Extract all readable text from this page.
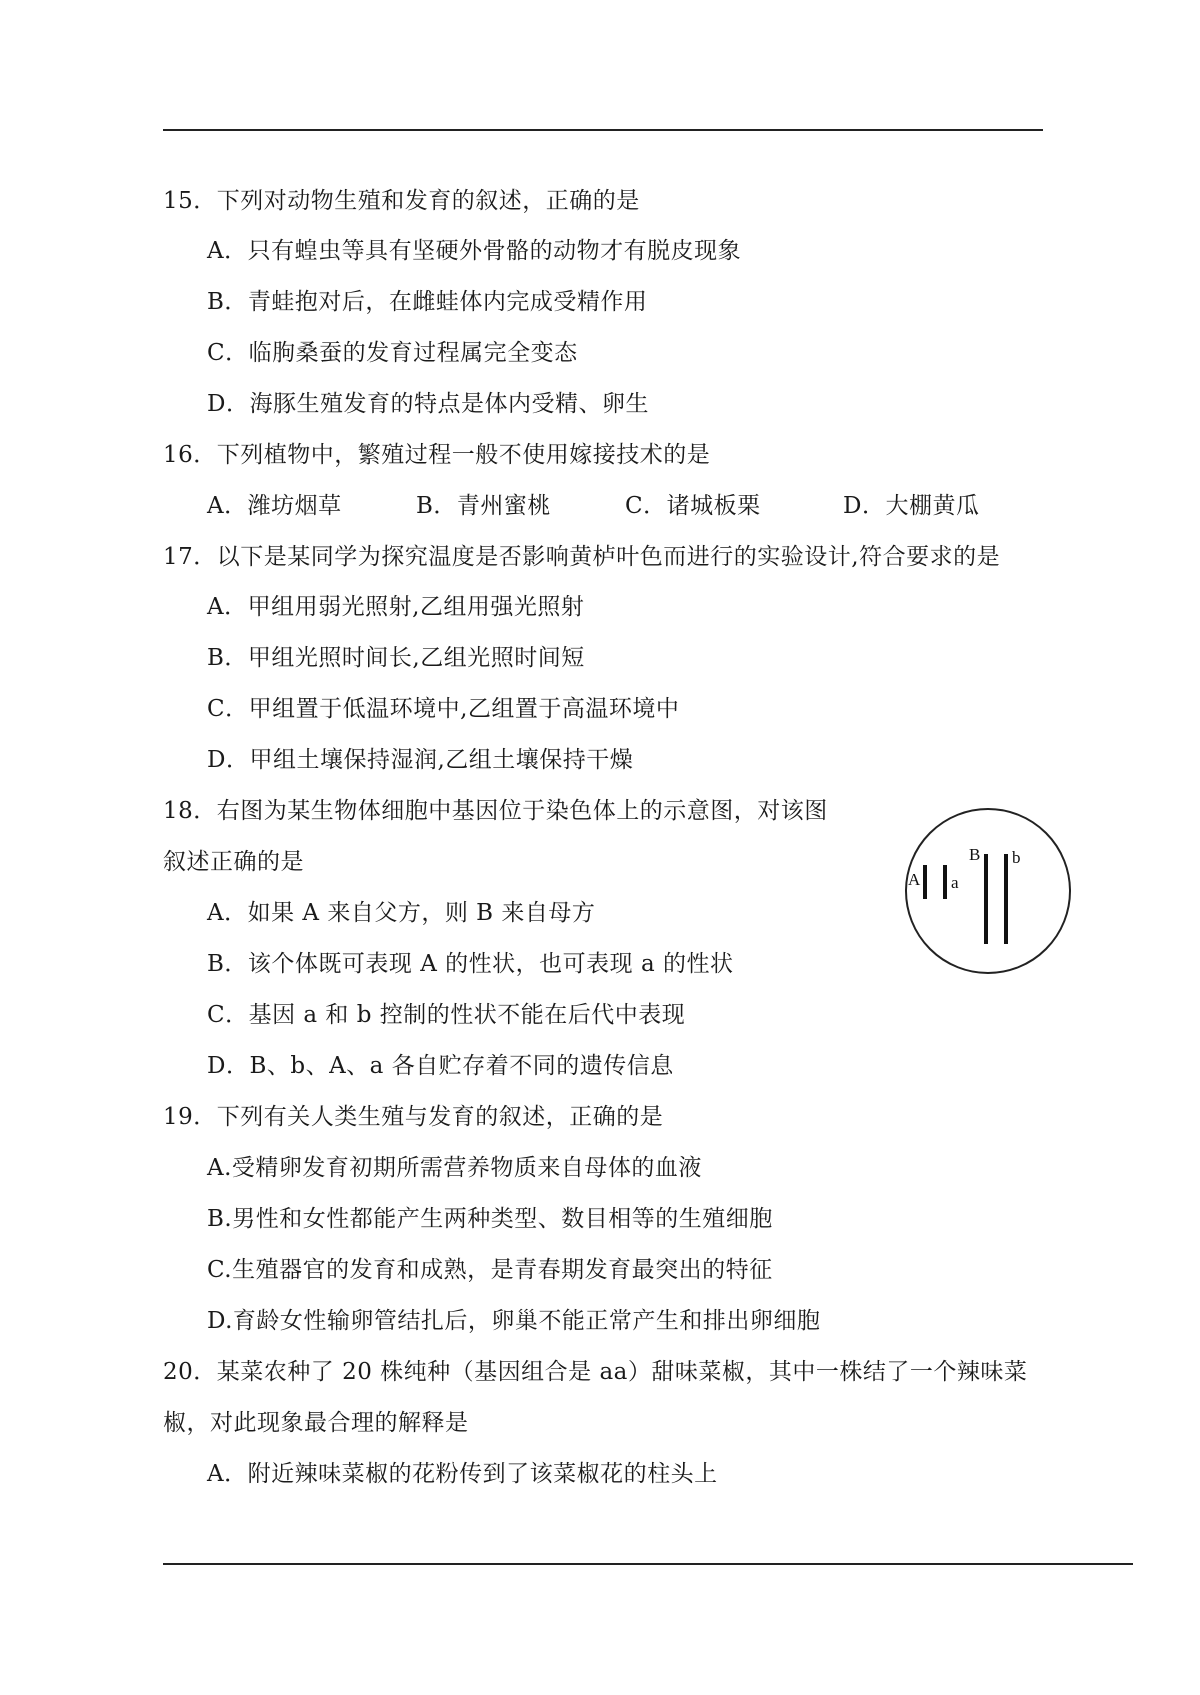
15．下列对动物生殖和发育的叙述，正确的是
A．只有蝗虫等具有坚硬外骨骼的动物才有脱皮现象
B．青蛙抱对后，在雌蛙体内完成受精作用
C．临朐桑蚕的发育过程属完全变态
D．海豚生殖发育的特点是体内受精、卵生
16．下列植物中，繁殖过程一般不使用嫁接技术的是
A．潍坊烟草	B．青州蜜桃	C．诸城板栗	D．大棚黄瓜
17．以下是某同学为探究温度是否影响黄栌叶色而进行的实验设计,符合要求的是
A．甲组用弱光照射,乙组用强光照射
B．甲组光照时间长,乙组光照时间短
C．甲组置于低温环境中,乙组置于高温环境中
D．甲组土壤保持湿润,乙组土壤保持干燥
18．右图为某生物体细胞中基因位于染色体上的示意图，对该图
叙述正确的是
A．如果 A 来自父方，则 B 来自母方
B．该个体既可表现 A 的性状，也可表现 a 的性状
C．基因 a 和 b 控制的性状不能在后代中表现
D．B、b、A、a 各自贮存着不同的遗传信息
A a
B b
19．下列有关人类生殖与发育的叙述，正确的是
A.受精卵发育初期所需营养物质来自母体的血液
B.男性和女性都能产生两种类型、数目相等的生殖细胞
C.生殖器官的发育和成熟，是青春期发育最突出的特征
D.育龄女性输卵管结扎后，卵巢不能正常产生和排出卵细胞
20．某菜农种了 20 株纯种（基因组合是 aa）甜味菜椒，其中一株结了一个辣味菜
椒，对此现象最合理的解释是
A．附近辣味菜椒的花粉传到了该菜椒花的柱头上
